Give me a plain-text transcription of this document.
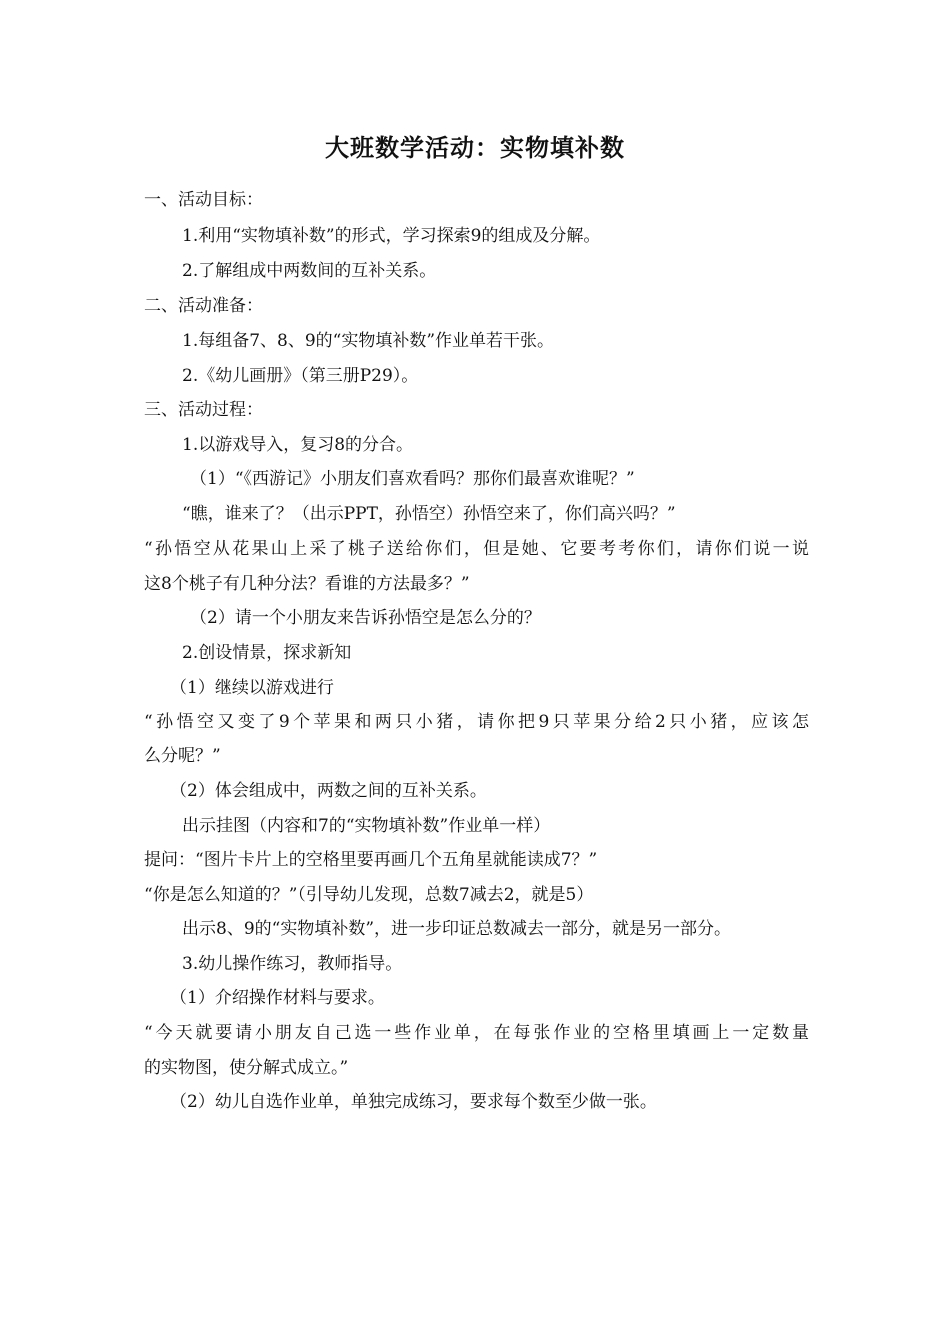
大班数学活动：实物填补数
一、活动目标：
1.利用“实物填补数”的形式，学习探索9的组成及分解。
2.了解组成中两数间的互补关系。
二、活动准备：
1.每组备7、8、9的“实物填补数”作业单若干张。
2.《幼儿画册》（第三册P29）。
三、活动过程：
1.以游戏导入，复习8的分合。
（1）“《西游记》小朋友们喜欢看吗？那你们最喜欢谁呢？”
“瞧，谁来了？（出示PPT，孙悟空）孙悟空来了，你们高兴吗？”
“孙悟空从花果山上采了桃子送给你们，但是她、它要考考你们，请你们说一说
这8个桃子有几种分法？看谁的方法最多？”
（2）请一个小朋友来告诉孙悟空是怎么分的？
2.创设情景，探求新知
（1）继续以游戏进行
“孙悟空又变了9个苹果和两只小猪，请你把9只苹果分给2只小猪，应该怎
么分呢？”
（2）体会组成中，两数之间的互补关系。
出示挂图（内容和7的“实物填补数”作业单一样）
提问：“图片卡片上的空格里要再画几个五角星就能读成7？”
“你是怎么知道的？”（引导幼儿发现，总数7减去2，就是5）
出示8、9的“实物填补数”，进一步印证总数减去一部分，就是另一部分。
3.幼儿操作练习，教师指导。
（1）介绍操作材料与要求。
“今天就要请小朋友自己选一些作业单，在每张作业的空格里填画上一定数量
的实物图，使分解式成立。”
（2）幼儿自选作业单，单独完成练习，要求每个数至少做一张。
